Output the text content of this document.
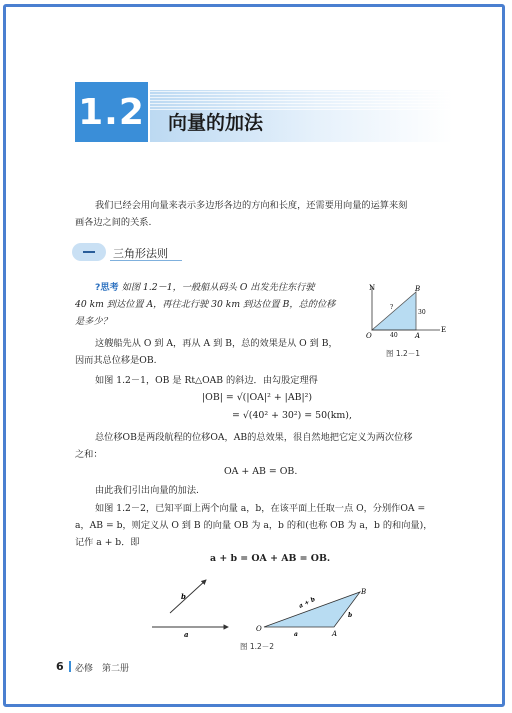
1.2 向量的加法
我们已经会用向量来表示多边形各边的方向和长度，还需要用向量的运算来刻
画各边之间的关系.
三角形法则
?思考 如图 1.2－1，一般船从码头 O 出发先往东行驶
40 km 到达位置 A，再往北行驶 30 km 到达位置 B，总的位移
是多少？
这艘船先从 O 到 A，再从 A 到 B，总的效果是从 O 到 B，
因而其总位移是OB.
如图 1.2－1，OB 是 Rt△OAB 的斜边．由勾股定理得
|OB| = √(|OA|² + |AB|²)
= √(40² + 30²) = 50(km),
总位移OB是两段航程的位移OA，AB的总效果，很自然地把它定义为两次位移
之和：
OA + AB = OB.
由此我们引出向量的加法.
如图 1.2－2，已知平面上两个向量 a，b，在该平面上任取一点 O，分别作OA =
a，AB = b，则定义从 O 到 B 的向量 OB 为 a，b 的和(也称 OB 为 a，b 的和向量)，
记作 a + b．即
a + b = OA + AB = OB.
N
E
O	A
B
?
30
40
图 1.2－1
b
a
O
A
B
a + b
a
b
图 1.2－2
6 必修　第二册
